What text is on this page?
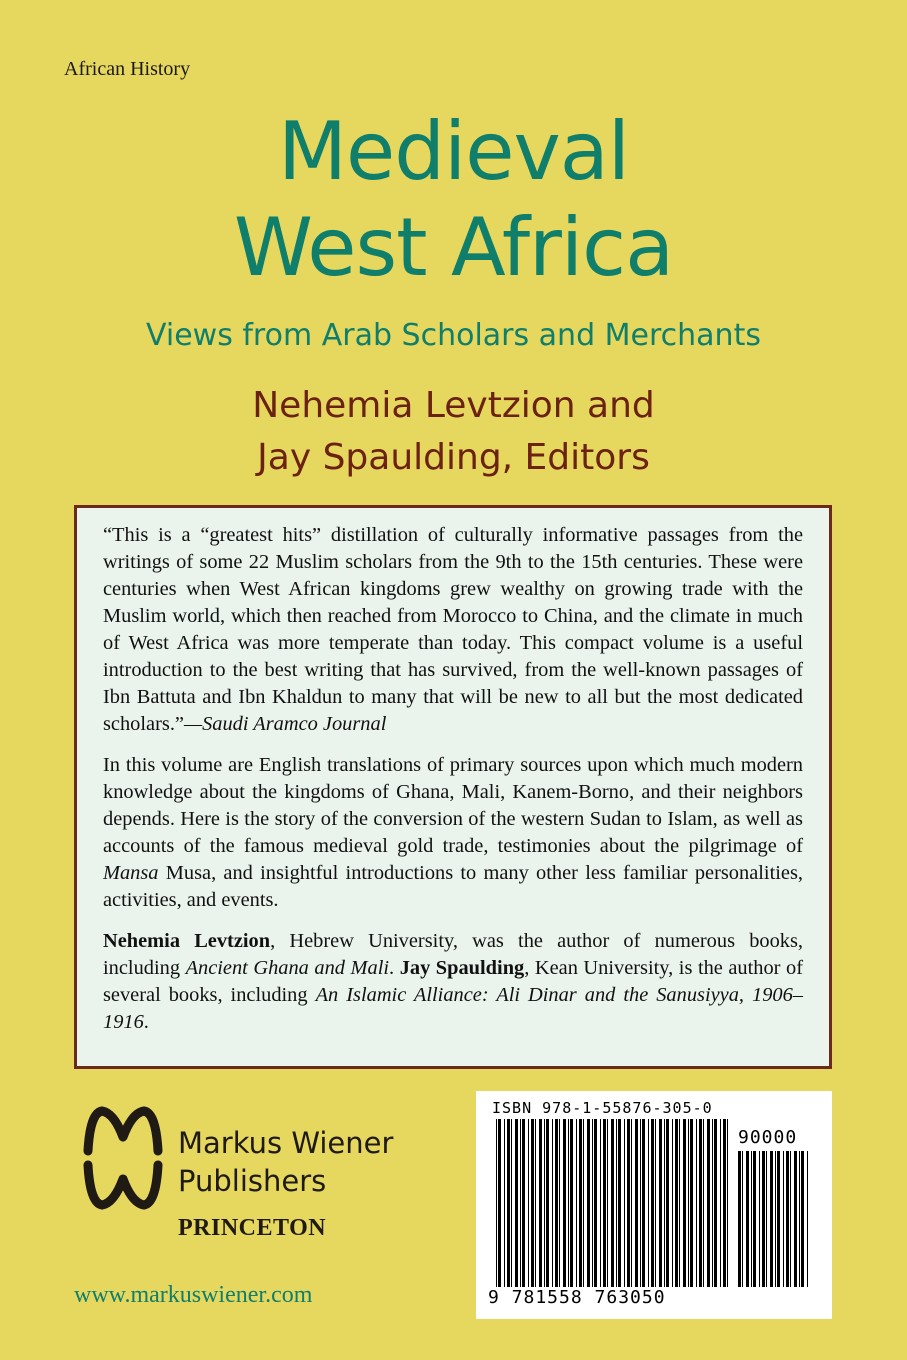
African History
Medieval
West Africa
Views from Arab Scholars and Merchants
Nehemia Levtzion and
Jay Spaulding, Editors

“This is a “greatest hits” distillation of culturally informative passages from the writings of some 22 Muslim scholars from the 9th to the 15th centuries. These were centuries when West African kingdoms grew wealthy on growing trade with the Muslim world, which then reached from Morocco to China, and the climate in much of West Africa was more temperate than today. This compact volume is a useful introduction to the best writing that has survived, from the well-known passages of Ibn Battuta and Ibn Khaldun to many that will be new to all but the most dedicated scholars.”—Saudi Aramco Journal

In this volume are English translations of primary sources upon which much modern knowledge about the kingdoms of Ghana, Mali, Kanem-Borno, and their neighbors depends. Here is the story of the conversion of the western Sudan to Islam, as well as accounts of the famous medieval gold trade, testimonies about the pilgrimage of Mansa Musa, and insightful introductions to many other less familiar personalities, activities, and events.

Nehemia Levtzion, Hebrew University, was the author of numerous books, including Ancient Ghana and Mali. Jay Spaulding, Kean University, is the author of several books, including An Islamic Alliance: Ali Dinar and the Sanusiyya, 1906–1916.

Markus Wiener
Publishers
PRINCETON
www.markuswiener.com
ISBN 978-1-55876-305-0
90000
9 781558 763050
